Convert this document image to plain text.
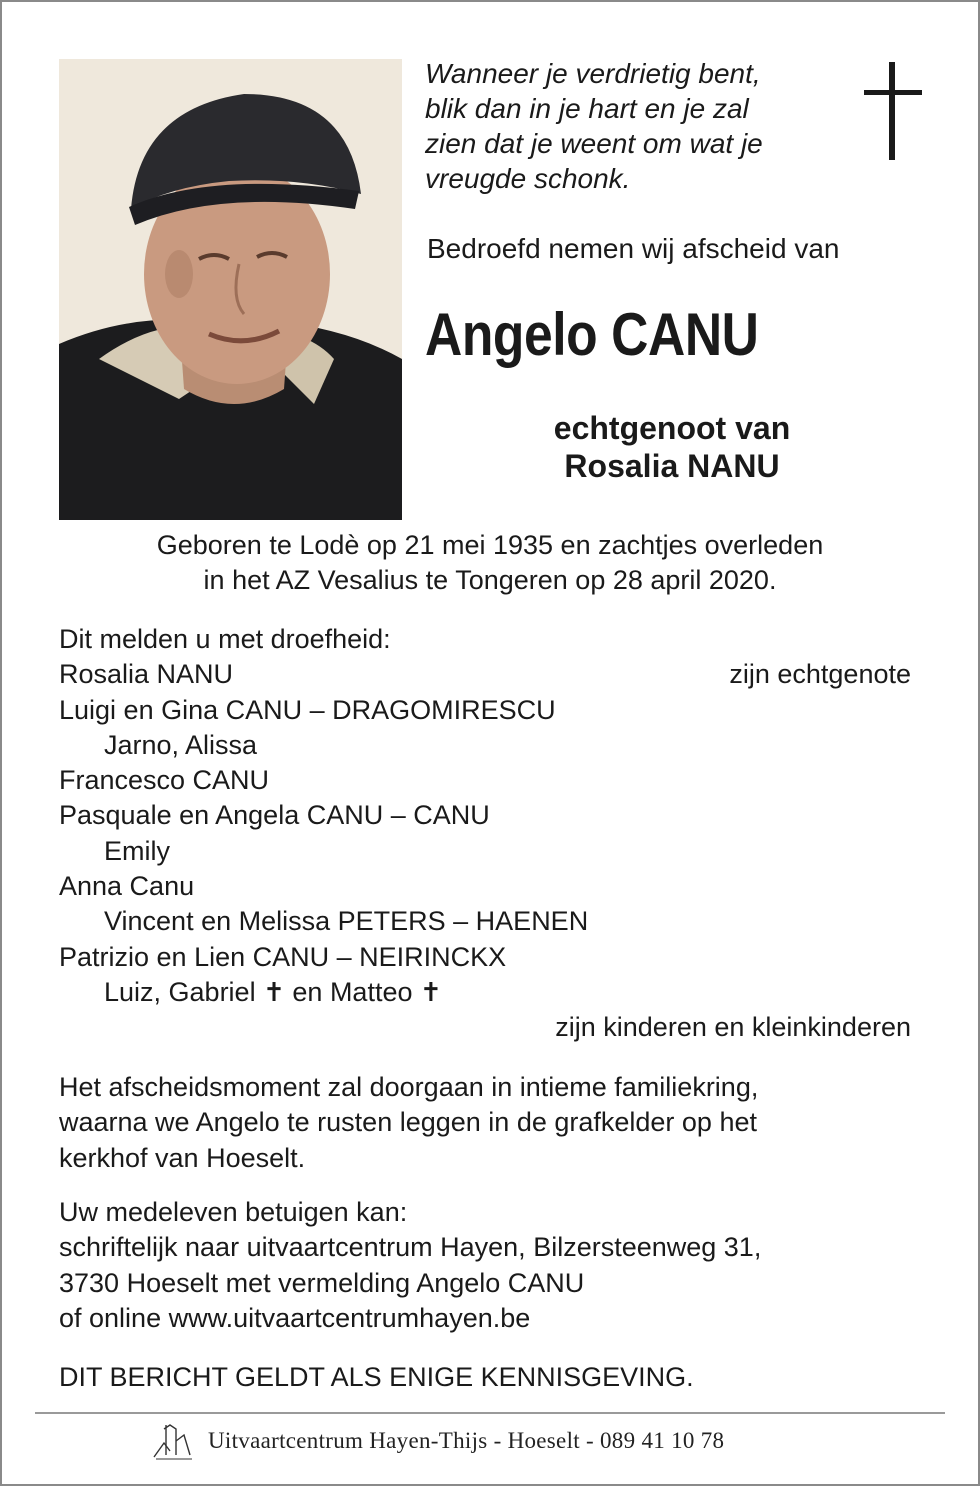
Wanneer je verdrietig bent,
blik dan in je hart en je zal
zien dat je weent om wat je
vreugde schonk.

Bedroefd nemen wij afscheid van

Angelo CANU
echtgenoot van
Rosalia NANU
Geboren te Lodè op 21 mei 1935 en zachtjes overleden
in het AZ Vesalius te Tongeren op 28 april 2020.
Dit melden u met droefheid:
Rosalia NANU	zijn echtgenote
Luigi en Gina CANU – DRAGOMIRESCU
Jarno, Alissa
Francesco CANU
Pasquale en Angela CANU – CANU
Emily
Anna Canu
Vincent en Melissa PETERS – HAENEN
Patrizio en Lien CANU – NEIRINCKX
Luiz, Gabriel ✝ en Matteo ✝
zijn kinderen en kleinkinderen
Het afscheidsmoment zal doorgaan in intieme familiekring,
waarna we Angelo te rusten leggen in de grafkelder op het
kerkhof van Hoeselt.
Uw medeleven betuigen kan:
schriftelijk naar uitvaartcentrum Hayen, Bilzersteenweg 31,
3730 Hoeselt met vermelding Angelo CANU
of online www.uitvaartcentrumhayen.be
DIT BERICHT GELDT ALS ENIGE KENNISGEVING.
Uitvaartcentrum Hayen-Thijs - Hoeselt - 089 41 10 78
